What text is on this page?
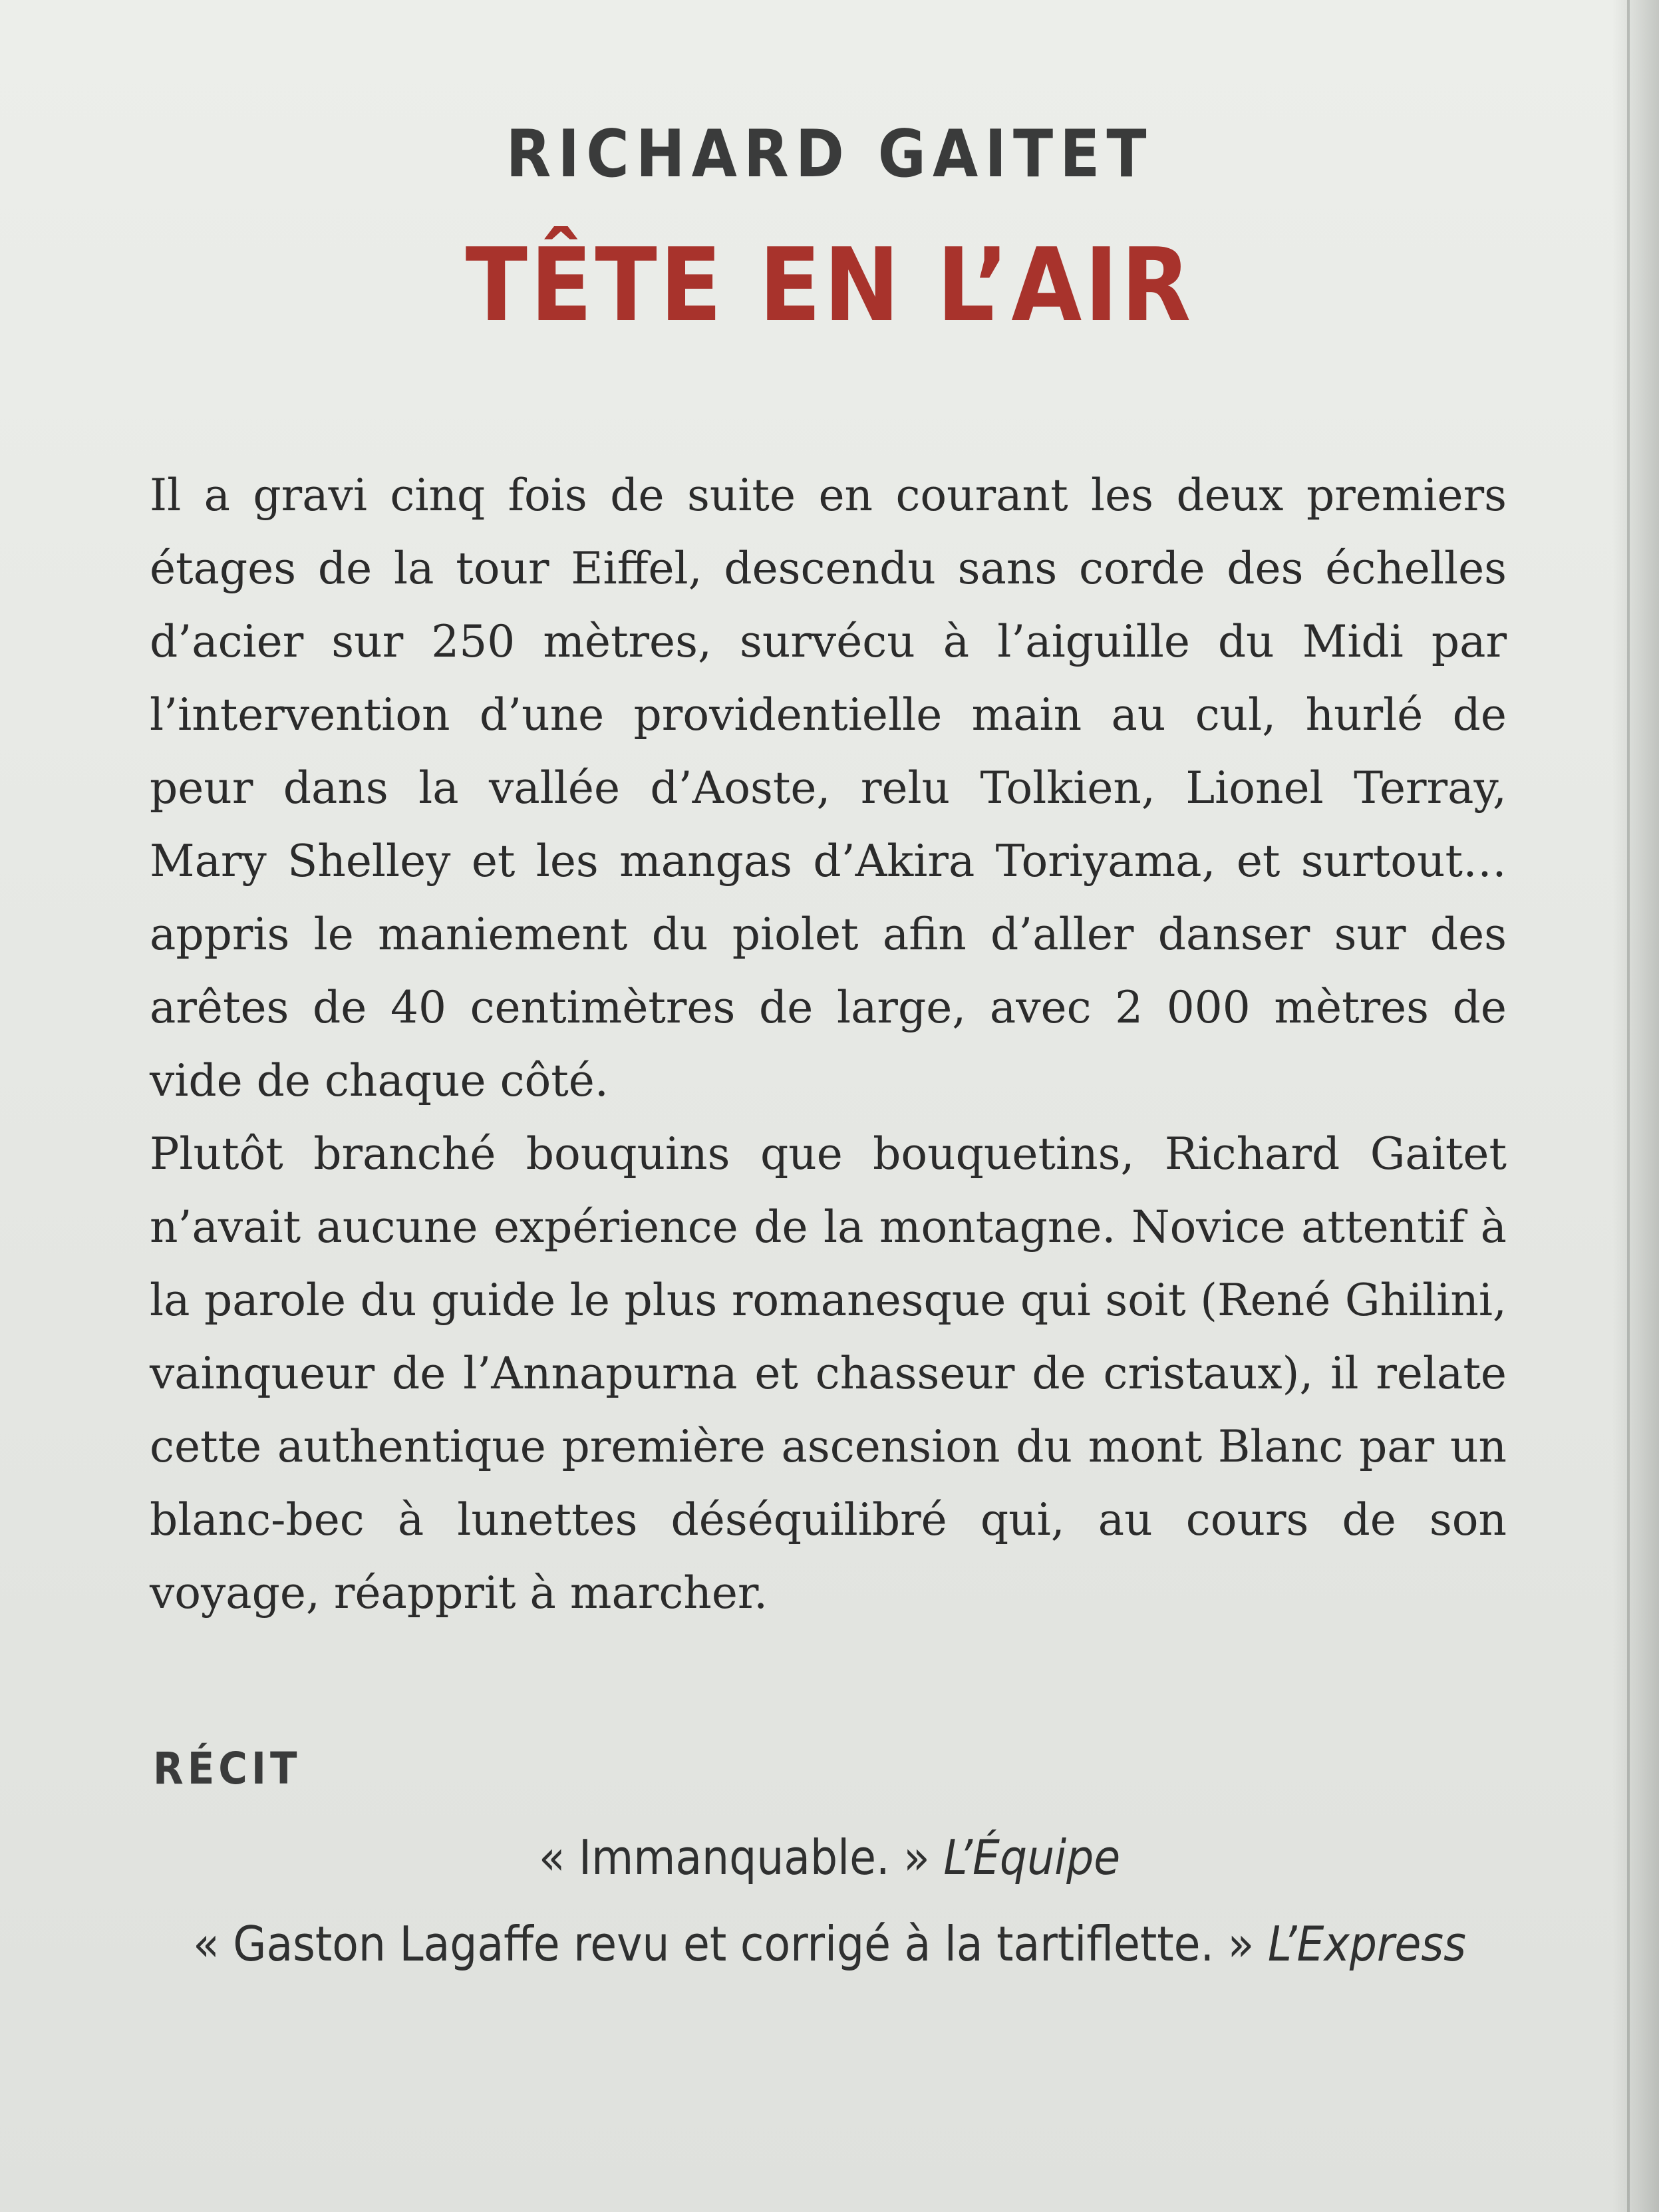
RICHARD GAITET
TÊTE EN L’AIR

Il a gravi cinq fois de suite en courant les deux premiers étages de la tour Eiffel, descendu sans corde des échelles d’acier sur 250 mètres, survécu à l’aiguille du Midi par l’intervention d’une providentielle main au cul, hurlé de peur dans la vallée d’Aoste, relu Tolkien, Lionel Terray, Mary Shelley et les mangas d’Akira Toriyama, et surtout… appris le maniement du piolet afin d’aller danser sur des arêtes de 40 centimètres de large, avec 2 000 mètres de vide de chaque côté.

Plutôt branché bouquins que bouquetins, Richard Gaitet n’avait aucune expérience de la montagne. Novice attentif à la parole du guide le plus romanesque qui soit (René Ghilini, vainqueur de l’Annapurna et chasseur de cristaux), il relate cette authentique première ascension du mont Blanc par un blanc-bec à lunettes déséquilibré qui, au cours de son voyage, réapprit à marcher.

RÉCIT
« Immanquable. » L’Équipe
« Gaston Lagaffe revu et corrigé à la tartiflette. » L’Express
